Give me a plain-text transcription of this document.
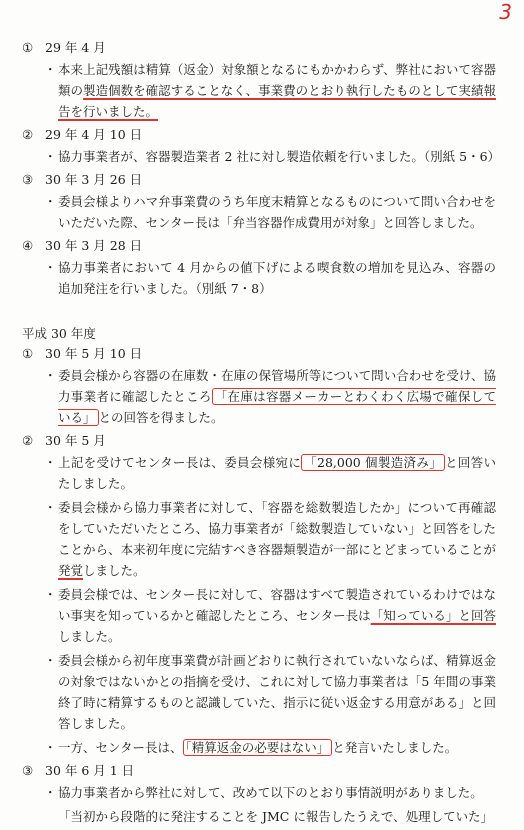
3
① 29 年 4 月
・ 本来上記残額は精算（返金）対象額となるにもかかわらず、弊社において容器類の製造個数を確認することなく、事業費のとおり執行したものとして実績報告を行いました。
② 29 年 4 月 10 日
・ 協力事業者が、容器製造業者 2 社に対し製造依頼を行いました。（別紙 5・6）
③ 30 年 3 月 26 日
・ 委員会様よりハマ弁事業費のうち年度末精算となるものについて問い合わせをいただいた際、センター長は「弁当容器作成費用が対象」と回答しました。
④ 30 年 3 月 28 日
・ 協力事業者において 4 月からの値下げによる喫食数の増加を見込み、容器の追加発注を行いました。（別紙 7・8）
平成 30 年度
① 30 年 5 月 10 日
・ 委員会様から容器の在庫数・在庫の保管場所等について問い合わせを受け、協力事業者に確認したところ 「在庫は容器メーカーとわくわく広場で確保している」 との回答を得ました。
② 30 年 5 月
・ 上記を受けてセンター長は、委員会様宛に 「28,000 個製造済み」 と回答いたしました。
・ 委員会様から協力事業者に対して、「容器を総数製造したか」について再確認をしていただいたところ、協力事業者が「総数製造していない」と回答をしたことから、本来初年度に完結すべき容器類製造が一部にとどまっていることが発覚しました。
・ 委員会様では、センター長に対して、容器はすべて製造されているわけではない事実を知っているかと確認したところ、センター長は「知っている」と回答しました。
・ 委員会様から初年度事業費が計画どおりに執行されていないならば、精算返金の対象ではないかとの指摘を受け、これに対して協力事業者は「5 年間の事業終了時に精算するものと認識していた、指示に従い返金する用意がある」と回答しました。
・ 一方、センター長は、 「精算返金の必要はない」 と発言いたしました。
③ 30 年 6 月 1 日
・ 協力事業者から弊社に対して、改めて以下のとおり事情説明がありました。
「当初から段階的に発注することを JMC に報告したうえで、処理していた」
